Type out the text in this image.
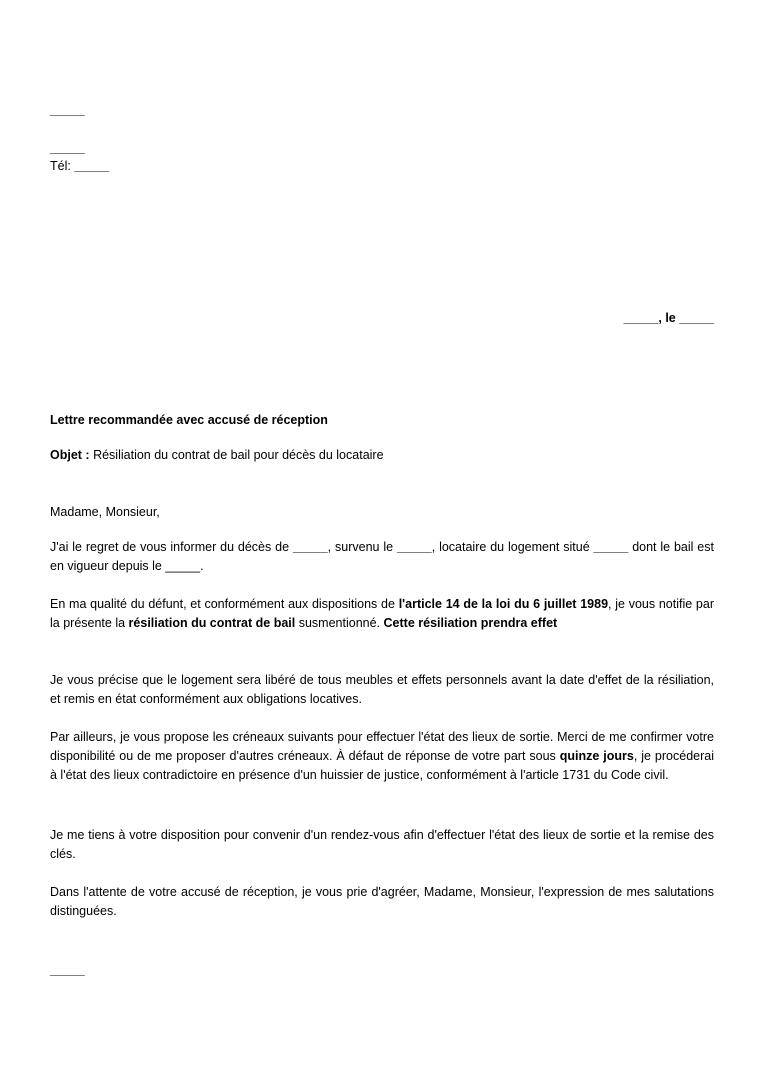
_____
_____
Tél: _____
_____, le _____
Lettre recommandée avec accusé de réception
Objet : Résiliation du contrat de bail pour décès du locataire
Madame, Monsieur,
J'ai le regret de vous informer du décès de _____, survenu le _____, locataire du logement situé _____ dont le bail est en vigueur depuis le _____.
En ma qualité du défunt, et conformément aux dispositions de l'article 14 de la loi du 6 juillet 1989, je vous notifie par la présente la résiliation du contrat de bail susmentionné. Cette résiliation prendra effet
Je vous précise que le logement sera libéré de tous meubles et effets personnels avant la date d'effet de la résiliation, et remis en état conformément aux obligations locatives.
Par ailleurs, je vous propose les créneaux suivants pour effectuer l'état des lieux de sortie. Merci de me confirmer votre disponibilité ou de me proposer d'autres créneaux. À défaut de réponse de votre part sous quinze jours, je procéderai à l'état des lieux contradictoire en présence d'un huissier de justice, conformément à l'article 1731 du Code civil.
Je me tiens à votre disposition pour convenir d'un rendez-vous afin d'effectuer l'état des lieux de sortie et la remise des clés.
Dans l'attente de votre accusé de réception, je vous prie d'agréer, Madame, Monsieur, l'expression de mes salutations distinguées.
_____
